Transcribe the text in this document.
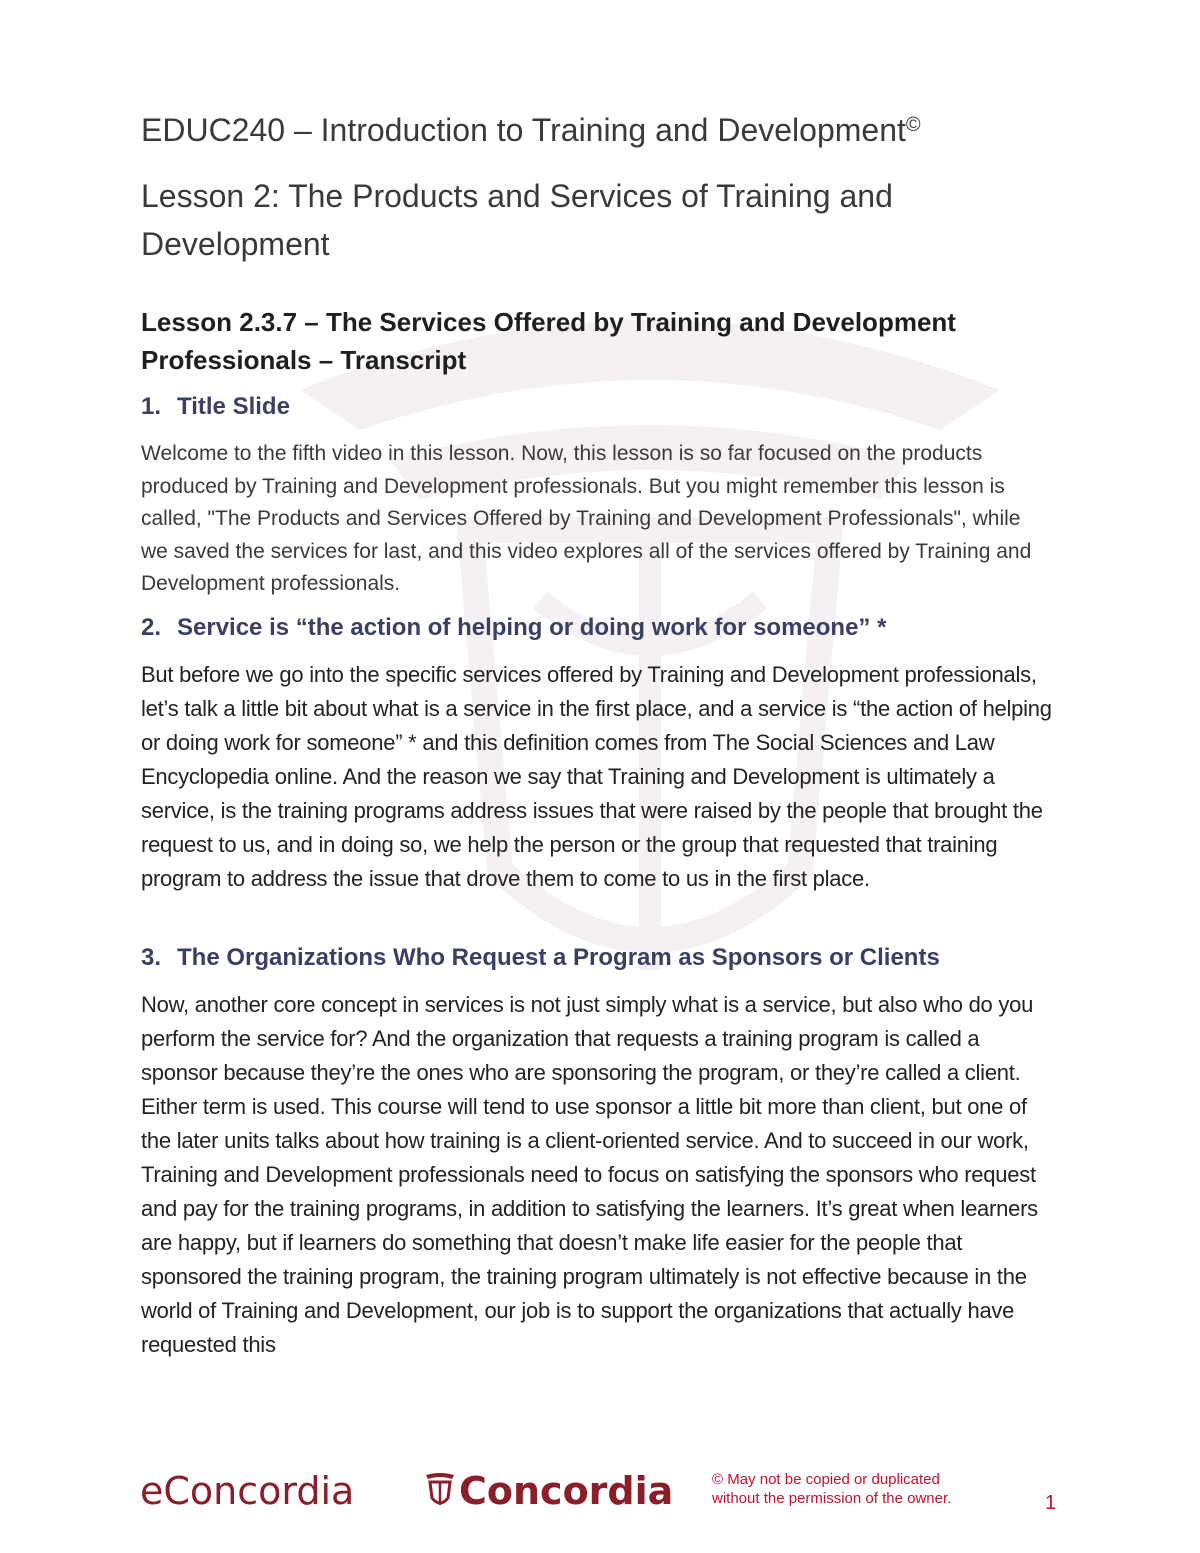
EDUC240 – Introduction to Training and Development©
Lesson 2: The Products and Services of Training and Development
Lesson 2.3.7 – The Services Offered by Training and Development Professionals – Transcript
1. Title Slide

Welcome to the fifth video in this lesson. Now, this lesson is so far focused on the products produced by Training and Development professionals. But you might remember this lesson is called, "The Products and Services Offered by Training and Development Professionals", while we saved the services for last, and this video explores all of the services offered by Training and Development professionals.

2. Service is “the action of helping or doing work for someone” *

But before we go into the specific services offered by Training and Development professionals, let’s talk a little bit about what is a service in the first place, and a service is “the action of helping or doing work for someone” * and this definition comes from The Social Sciences and Law Encyclopedia online. And the reason we say that Training and Development is ultimately a service, is the training programs address issues that were raised by the people that brought the request to us, and in doing so, we help the person or the group that requested that training program to address the issue that drove them to come to us in the first place.

3. The Organizations Who Request a Program as Sponsors or Clients

Now, another core concept in services is not just simply what is a service, but also who do you perform the service for? And the organization that requests a training program is called a sponsor because they’re the ones who are sponsoring the program, or they’re called a client. Either term is used. This course will tend to use sponsor a little bit more than client, but one of the later units talks about how training is a client-oriented service. And to succeed in our work, Training and Development professionals need to focus on satisfying the sponsors who request and pay for the training programs, in addition to satisfying the learners. It’s great when learners are happy, but if learners do something that doesn’t make life easier for the people that sponsored the training program, the training program ultimately is not effective because in the world of Training and Development, our job is to support the organizations that actually have requested this

eConcordia	Concordia	© May not be copied or duplicated
without the permission of the owner.	1
